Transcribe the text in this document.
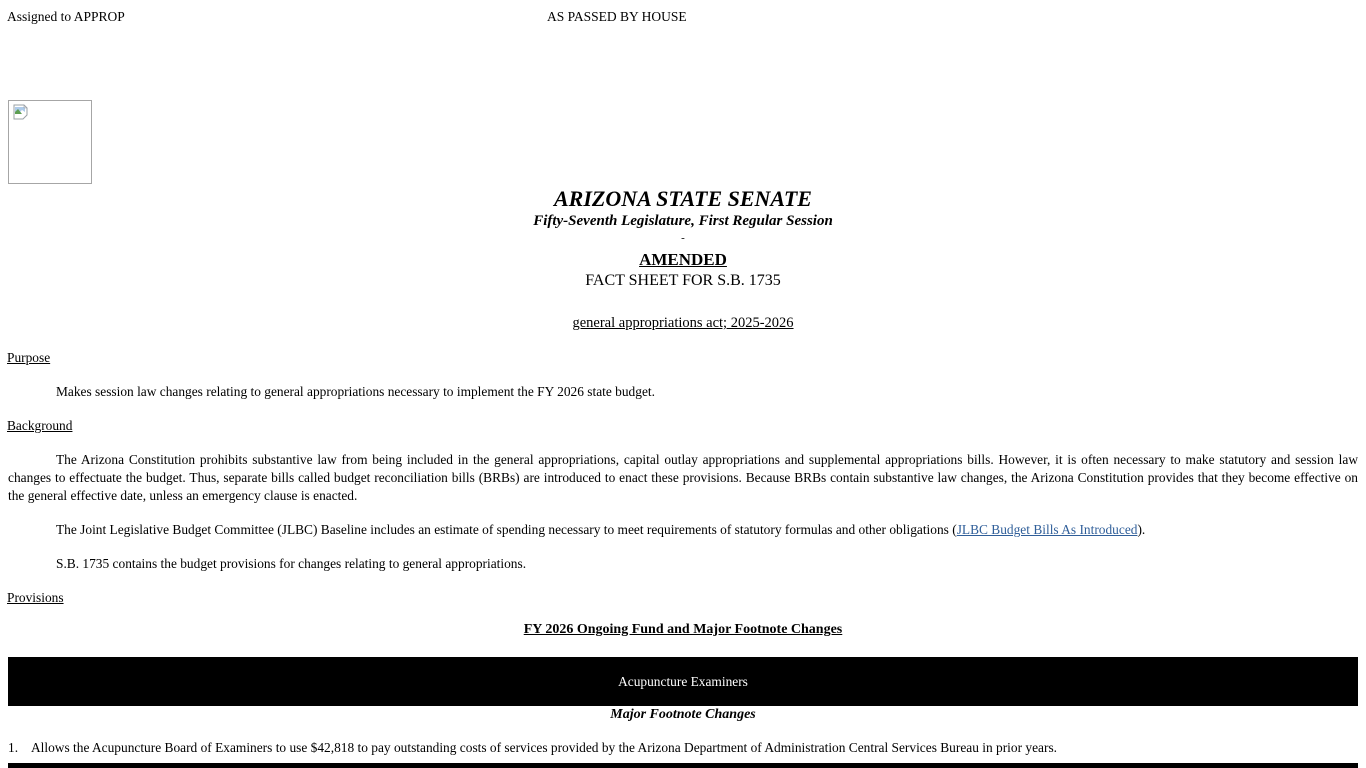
Assigned to APPROP	AS PASSED BY HOUSE
ARIZONA STATE SENATE
Fifty-Seventh Legislature, First Regular Session
-
AMENDED
FACT SHEET FOR S.B. 1735
general appropriations act; 2025-2026
Purpose
Makes session law changes relating to general appropriations necessary to implement the FY 2026 state budget.
Background
The Arizona Constitution prohibits substantive law from being included in the general appropriations, capital outlay appropriations and supplemental appropriations bills. However, it is often necessary to make statutory and session law changes to effectuate the budget. Thus, separate bills called budget reconciliation bills (BRBs) are introduced to enact these provisions. Because BRBs contain substantive law changes, the Arizona Constitution provides that they become effective on the general effective date, unless an emergency clause is enacted.
The Joint Legislative Budget Committee (JLBC) Baseline includes an estimate of spending necessary to meet requirements of statutory formulas and other obligations (JLBC Budget Bills As Introduced).
S.B. 1735 contains the budget provisions for changes relating to general appropriations.
Provisions
FY 2026 Ongoing Fund and Major Footnote Changes
Acupuncture Examiners
Major Footnote Changes
1. Allows the Acupuncture Board of Examiners to use $42,818 to pay outstanding costs of services provided by the Arizona Department of Administration Central Services Bureau in prior years.
